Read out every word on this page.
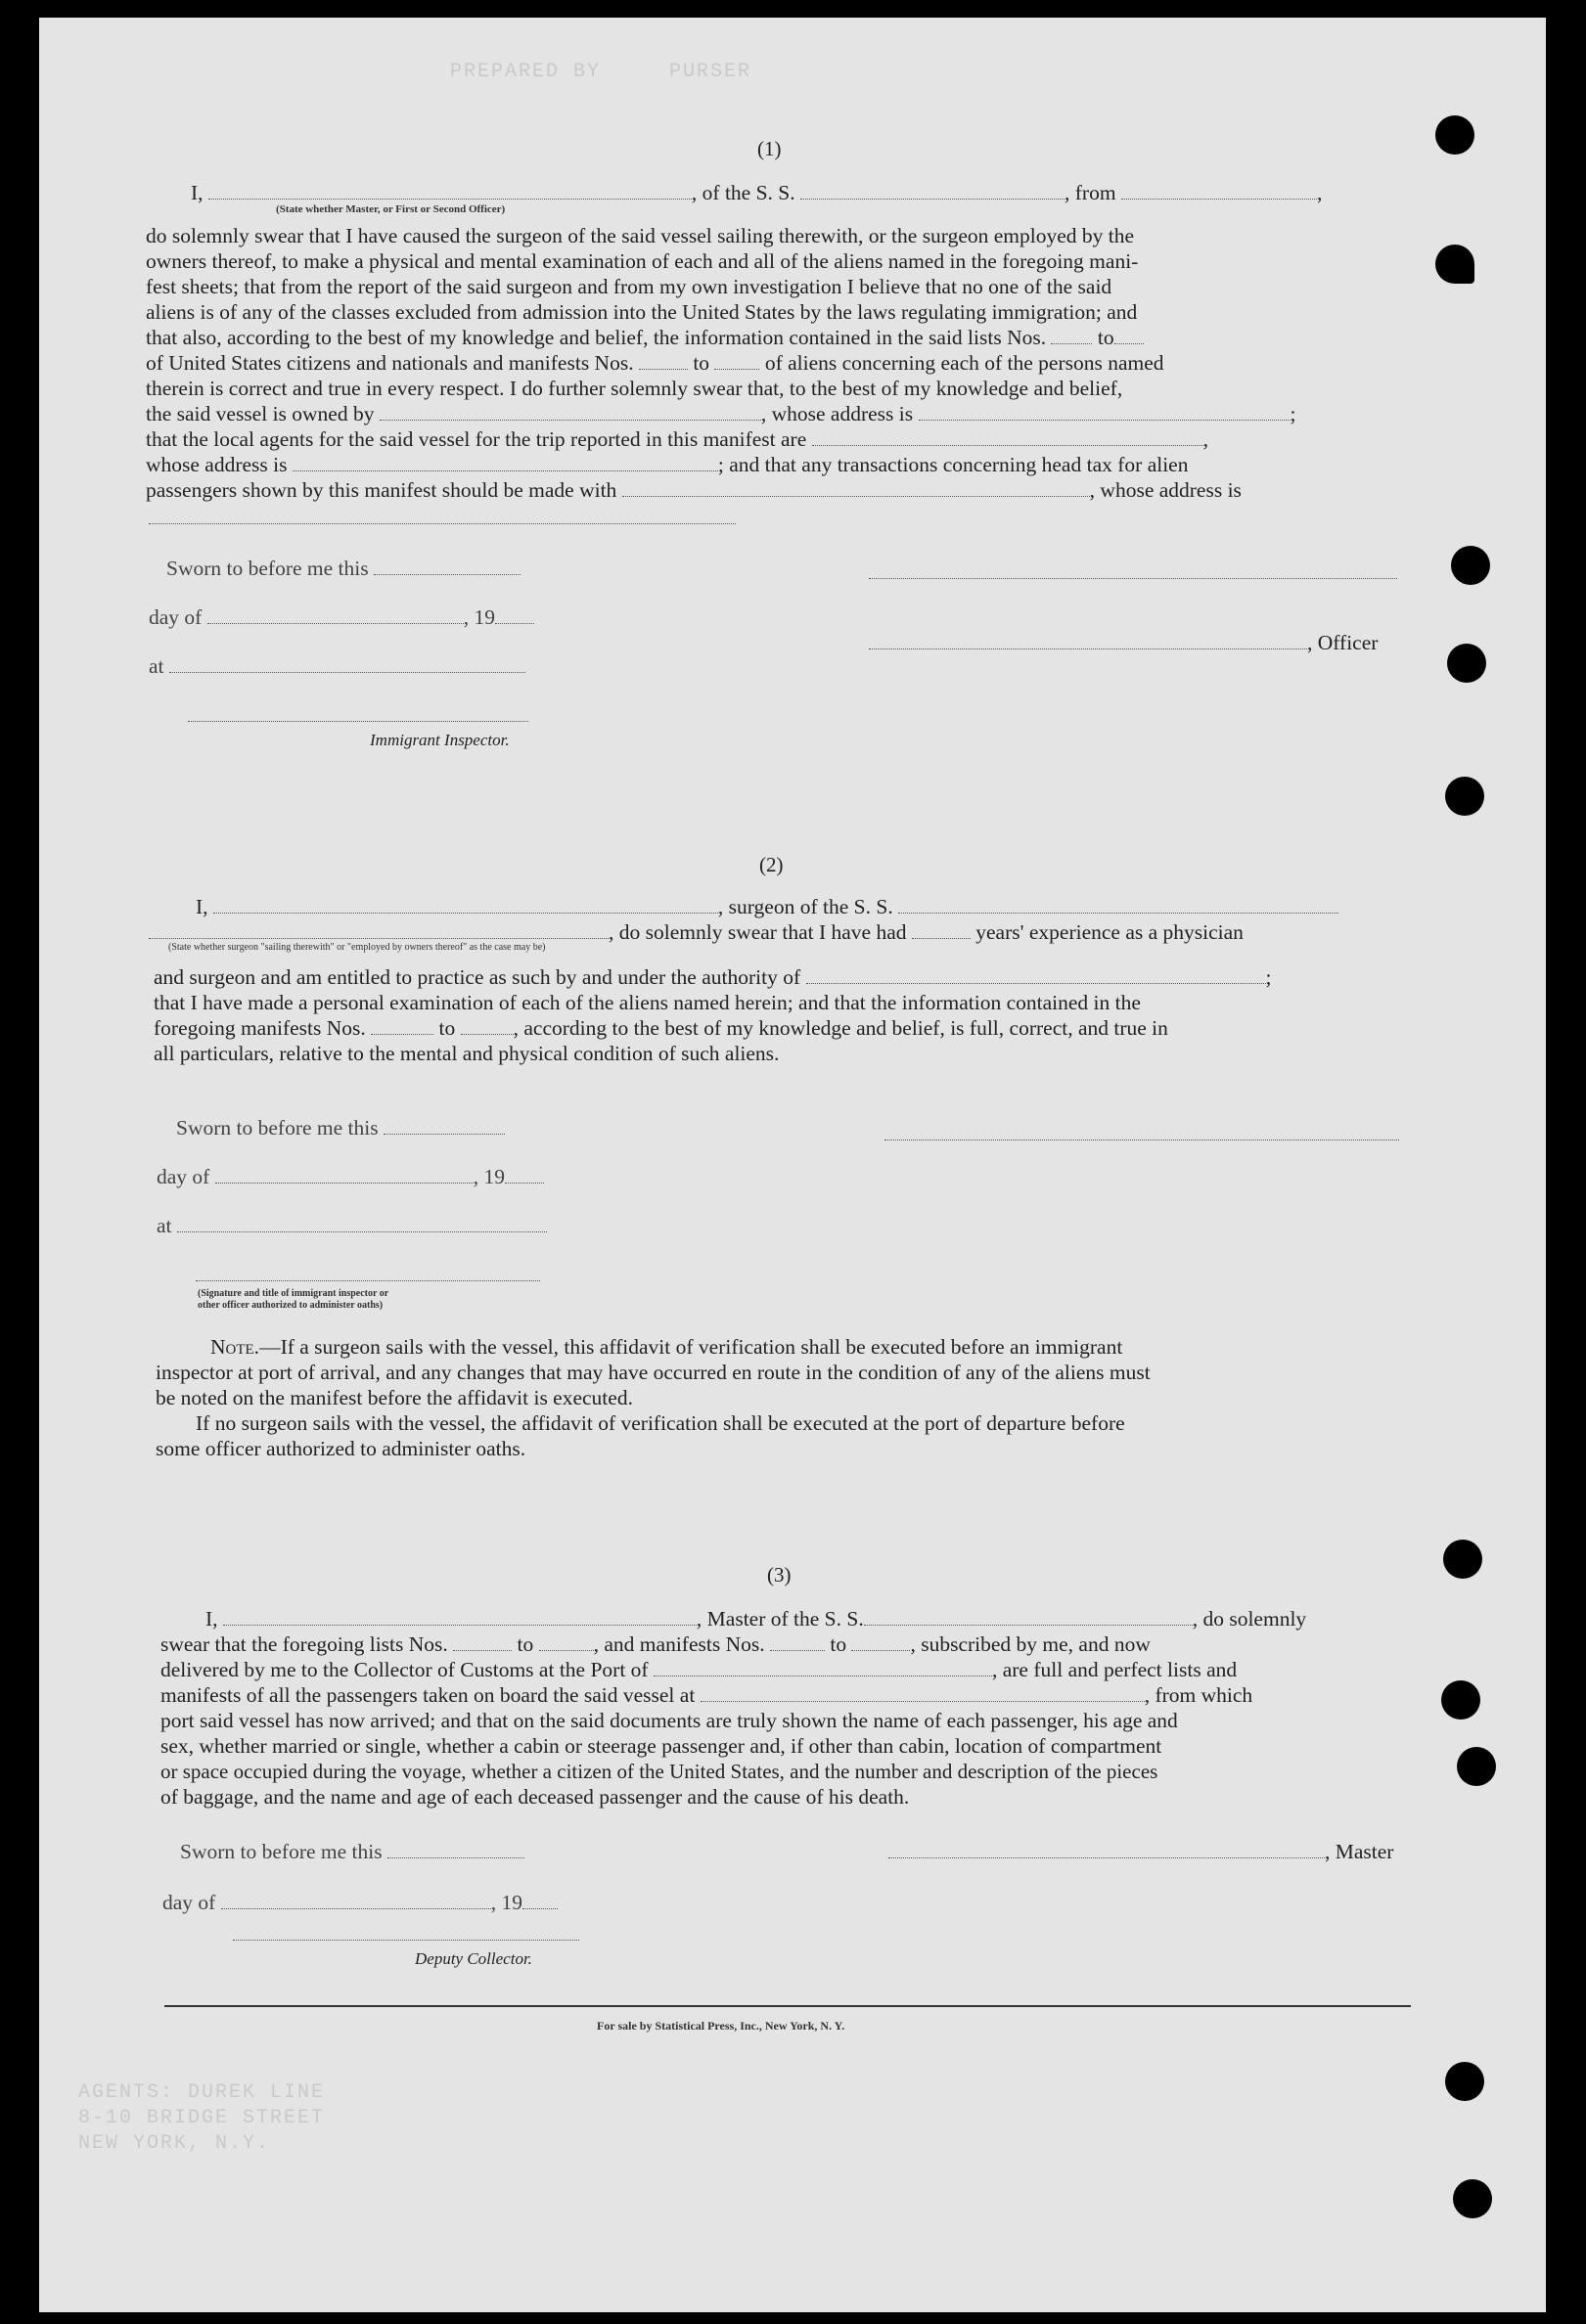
PREPARED BY     PURSER
AGENTS: DUREK LINE
8-10 BRIDGE STREET
NEW YORK, N.Y.
(1)
I,	, of the S. S.	, from	,
(State whether Master, or First or Second Officer)
do solemnly swear that I have caused the surgeon of the said vessel sailing therewith, or the surgeon employed by the
owners thereof, to make a physical and mental examination of each and all of the aliens named in the foregoing mani-
fest sheets; that from the report of the said surgeon and from my own investigation I believe that no one of the said
aliens is of any of the classes excluded from admission into the United States by the laws regulating immigration; and
that also, according to the best of my knowledge and belief, the information contained in the said lists Nos. to
of United States citizens and nationals and manifests Nos.	to	of aliens concerning each of the persons named
therein is correct and true in every respect. I do further solemnly swear that, to the best of my knowledge and belief,
the said vessel is owned by	, whose address is	;
that the local agents for the said vessel for the trip reported in this manifest are	,
whose address is	; and that any transactions concerning head tax for alien
passengers shown by this manifest should be made with	, whose address is
Sworn to before me this
day of	, 19
, Officer
at
Immigrant Inspector.
(2)
I,	, surgeon of the S. S.
, do solemnly swear that I have had	years' experience as a physician
(State whether surgeon "sailing therewith" or "employed by owners thereof" as the case may be)
and surgeon and am entitled to practice as such by and under the authority of	;
that I have made a personal examination of each of the aliens named herein; and that the information contained in the
foregoing manifests Nos.	to	, according to the best of my knowledge and belief, is full, correct, and true in
all particulars, relative to the mental and physical condition of such aliens.
Sworn to before me this
day of	, 19
at
(Signature and title of immigrant inspector or
other officer authorized to administer oaths)
Note.—If a surgeon sails with the vessel, this affidavit of verification shall be executed before an immigrant
inspector at port of arrival, and any changes that may have occurred en route in the condition of any of the aliens must
be noted on the manifest before the affidavit is executed.
If no surgeon sails with the vessel, the affidavit of verification shall be executed at the port of departure before
some officer authorized to administer oaths.
(3)
I,	, Master of the S. S.	, do solemnly
swear that the foregoing lists Nos.	to	, and manifests Nos.	to	, subscribed by me, and now
delivered by me to the Collector of Customs at the Port of	, are full and perfect lists and
manifests of all the passengers taken on board the said vessel at	, from which
port said vessel has now arrived; and that on the said documents are truly shown the name of each passenger, his age and
sex, whether married or single, whether a cabin or steerage passenger and, if other than cabin, location of compartment
or space occupied during the voyage, whether a citizen of the United States, and the number and description of the pieces
of baggage, and the name and age of each deceased passenger and the cause of his death.
Sworn to before me this	, Master
day of	, 19
Deputy Collector.
For sale by Statistical Press, Inc., New York, N. Y.
